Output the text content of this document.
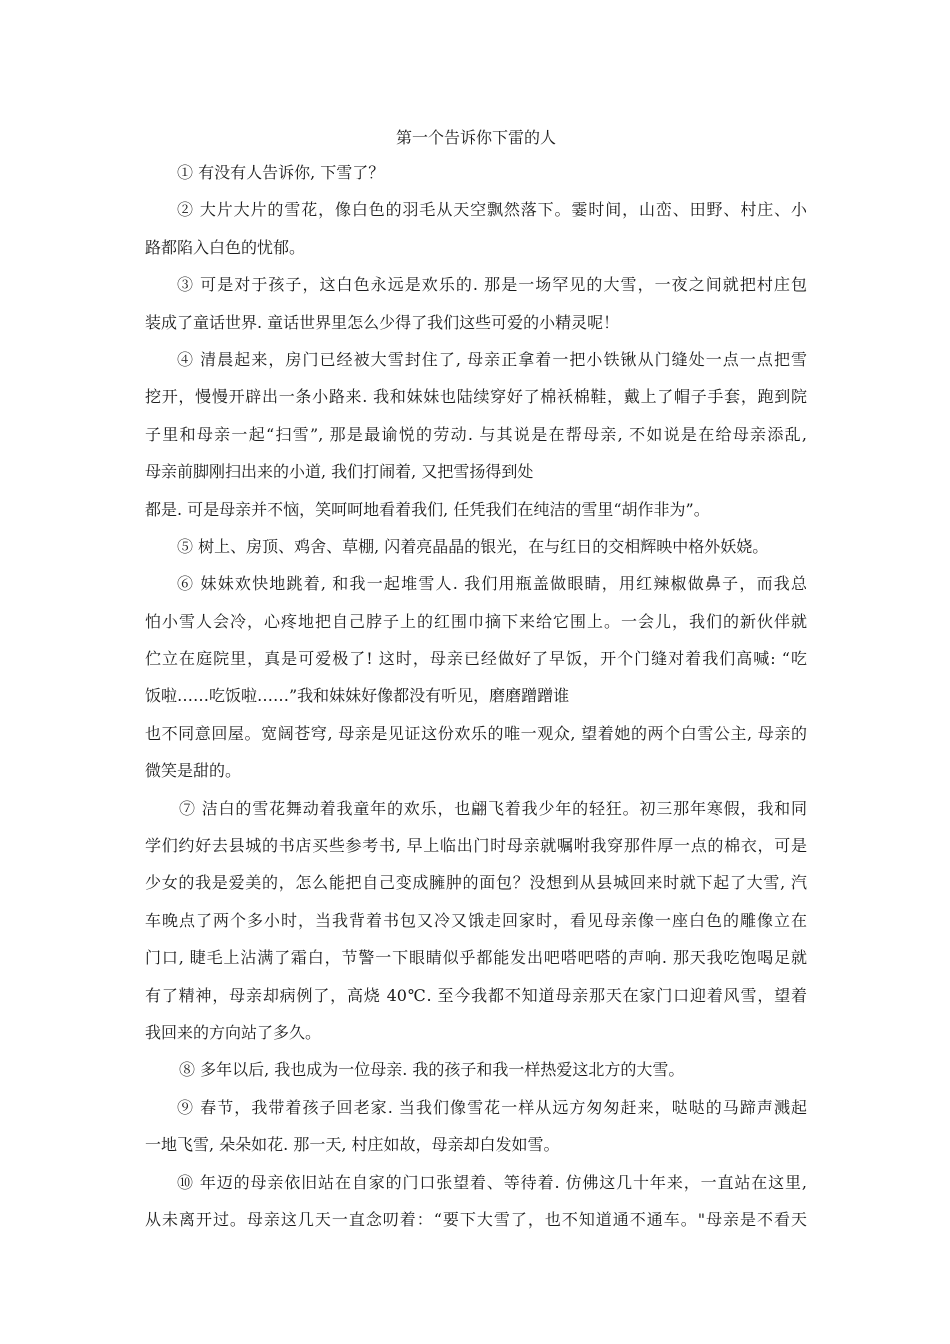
第一个告诉你下雷的人
① 有没有人告诉你, 下雪了？
② 大片大片的雪花，像白色的羽毛从天空飘然落下。霎时间，山峦、田野、村庄、小
路都陷入白色的忧郁。
③ 可是对于孩子，这白色永远是欢乐的. 那是一场罕见的大雪，一夜之间就把村庄包
装成了童话世界. 童话世界里怎么少得了我们这些可爱的小精灵呢！
④ 清晨起来，房门已经被大雪封住了, 母亲正拿着一把小铁锹从门缝处一点一点把雪
挖开，慢慢开辟出一条小路来. 我和妹妹也陆续穿好了棉袄棉鞋，戴上了帽子手套，跑到院
子里和母亲一起“扫雪”, 那是最谕悦的劳动. 与其说是在帮母亲, 不如说是在给母亲添乱,
母亲前脚刚扫出来的小道, 我们打闹着, 又把雪扬得到处
都是. 可是母亲并不恼，笑呵呵地看着我们, 任凭我们在纯洁的雪里“胡作非为”。
⑤ 树上、房顶、鸡舍、草棚, 闪着亮晶晶的银光，在与红日的交相辉映中格外妖娆。
⑥ 妹妹欢快地跳着, 和我一起堆雪人. 我们用瓶盖做眼睛，用红辣椒做鼻子，而我总
怕小雪人会冷，心疼地把自己脖子上的红围巾摘下来给它围上。一会儿，我们的新伙伴就
伫立在庭院里，真是可爱极了! 这时，母亲已经做好了早饭，开个门缝对着我们高喊: “吃
饭啦……吃饭啦……”我和妹妹好像都没有听见，磨磨蹭蹭谁
也不同意回屋。宽阔苍穹, 母亲是见证这份欢乐的唯一观众, 望着她的两个白雪公主, 母亲的
微笑是甜的。
⑦ 洁白的雪花舞动着我童年的欢乐，也翩飞着我少年的轻狂。初三那年寒假，我和同
学们约好去县城的书店买些参考书, 早上临出门时母亲就嘱咐我穿那件厚一点的棉衣，可是
少女的我是爱美的，怎么能把自己变成臃肿的面包？没想到从县城回来时就下起了大雪, 汽
车晚点了两个多小时，当我背着书包又冷又饿走回家时，看见母亲像一座白色的雕像立在
门口, 睫毛上沾满了霜白，节警一下眼睛似乎都能发出吧嗒吧嗒的声响. 那天我吃饱喝足就
有了精神，母亲却病例了，高烧 40℃. 至今我都不知道母亲那天在家门口迎着风雪，望着
我回来的方向站了多久。
⑧ 多年以后, 我也成为一位母亲. 我的孩子和我一样热爱这北方的大雪。
⑨ 春节，我带着孩子回老家. 当我们像雪花一样从远方匆匆赶来，哒哒的马蹄声溅起
一地飞雪, 朵朵如花. 那一天, 村庄如故，母亲却白发如雪。
⑩ 年迈的母亲依旧站在自家的门口张望着、等待着. 仿佛这几十年来，一直站在这里,
从未离开过。母亲这几天一直念叨着：“要下大雪了，也不知道通不通车。"母亲是不看天
